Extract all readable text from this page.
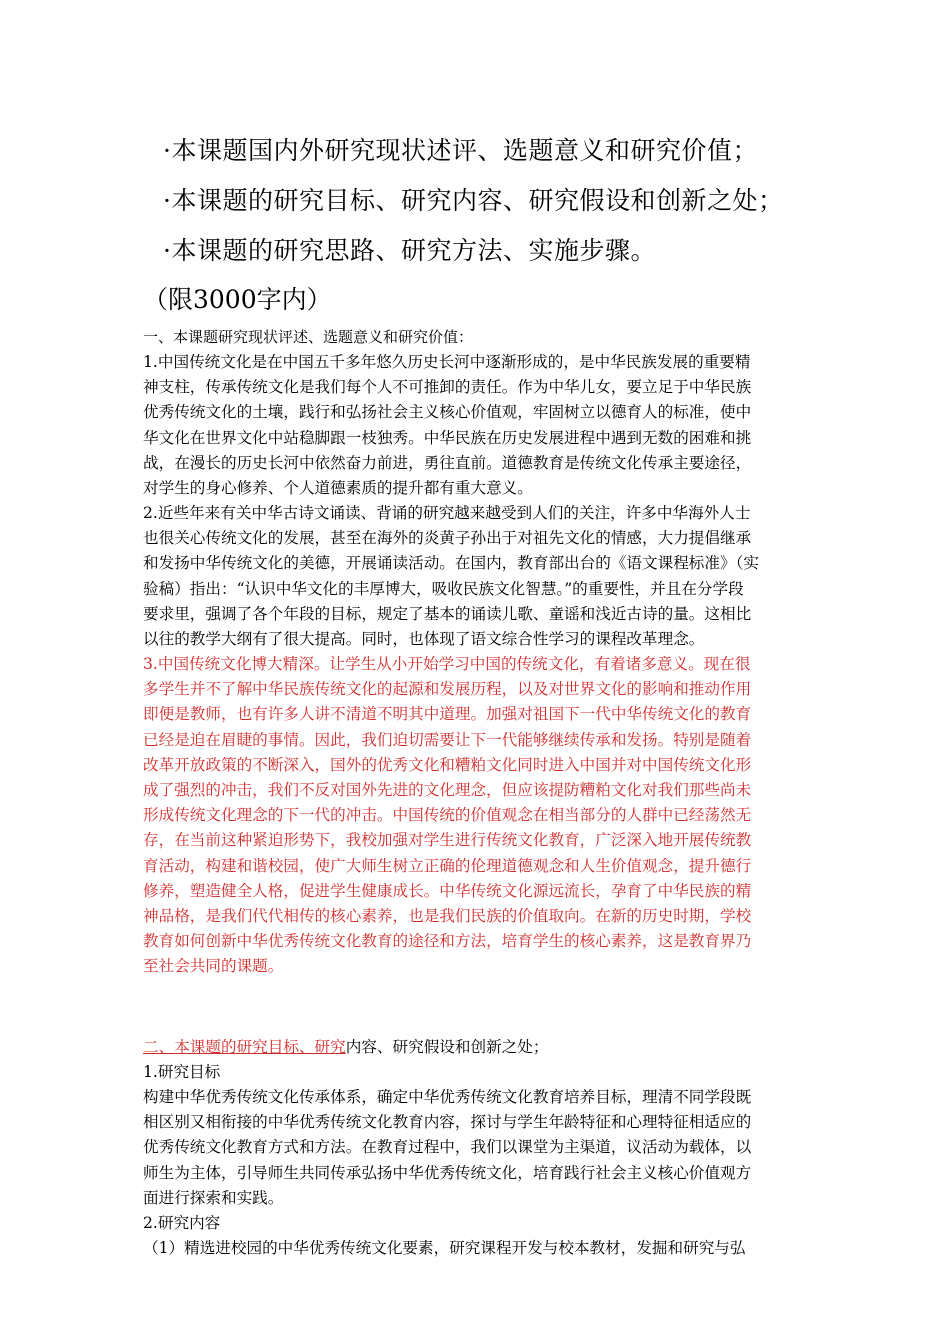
·本课题国内外研究现状述评、选题意义和研究价值；
·本课题的研究目标、研究内容、研究假设和创新之处；
·本课题的研究思路、研究方法、实施步骤。
（限3000字内）
一、本课题研究现状评述、选题意义和研究价值：
1.中国传统文化是在中国五千多年悠久历史长河中逐渐形成的，是中华民族发展的重要精
神支柱，传承传统文化是我们每个人不可推卸的责任。作为中华儿女，要立足于中华民族
优秀传统文化的土壤，践行和弘扬社会主义核心价值观，牢固树立以德育人的标准，使中
华文化在世界文化中站稳脚跟一枝独秀。中华民族在历史发展进程中遇到无数的困难和挑
战，在漫长的历史长河中依然奋力前进，勇往直前。道德教育是传统文化传承主要途径，
对学生的身心修养、个人道德素质的提升都有重大意义。
2.近些年来有关中华古诗文诵读、背诵的研究越来越受到人们的关注，许多中华海外人士
也很关心传统文化的发展，甚至在海外的炎黄子孙出于对祖先文化的情感，大力提倡继承
和发扬中华传统文化的美德，开展诵读活动。在国内，教育部出台的《语文课程标准》（实
验稿）指出：“认识中华文化的丰厚博大，吸收民族文化智慧。”的重要性，并且在分学段
要求里，强调了各个年段的目标，规定了基本的诵读儿歌、童谣和浅近古诗的量。这相比
以往的教学大纲有了很大提高。同时，也体现了语文综合性学习的课程改革理念。
3.中国传统文化博大精深。让学生从小开始学习中国的传统文化，有着诸多意义。现在很
多学生并不了解中华民族传统文化的起源和发展历程，以及对世界文化的影响和推动作用
即便是教师，也有许多人讲不清道不明其中道理。加强对祖国下一代中华传统文化的教育
已经是迫在眉睫的事情。因此，我们迫切需要让下一代能够继续传承和发扬。特别是随着
改革开放政策的不断深入，国外的优秀文化和糟粕文化同时进入中国并对中国传统文化形
成了强烈的冲击，我们不反对国外先进的文化理念，但应该提防糟粕文化对我们那些尚未
形成传统文化理念的下一代的冲击。中国传统的价值观念在相当部分的人群中已经荡然无
存，在当前这种紧迫形势下，我校加强对学生进行传统文化教育，广泛深入地开展传统教
育活动，构建和谐校园，使广大师生树立正确的伦理道德观念和人生价值观念，提升德行
修养，塑造健全人格，促进学生健康成长。中华传统文化源远流长，孕育了中华民族的精
神品格，是我们代代相传的核心素养，也是我们民族的价值取向。在新的历史时期，学校
教育如何创新中华优秀传统文化教育的途径和方法，培育学生的核心素养，这是教育界乃
至社会共同的课题。
二、本课题的研究目标、研究内容、研究假设和创新之处；
1.研究目标
构建中华优秀传统文化传承体系，确定中华优秀传统文化教育培养目标，理清不同学段既
相区别又相衔接的中华优秀传统文化教育内容，探讨与学生年龄特征和心理特征相适应的
优秀传统文化教育方式和方法。在教育过程中，我们以课堂为主渠道，议活动为载体，以
师生为主体，引导师生共同传承弘扬中华优秀传统文化，培育践行社会主义核心价值观方
面进行探索和实践。
2.研究内容
（1）精选进校园的中华优秀传统文化要素，研究课程开发与校本教材，发掘和研究与弘
